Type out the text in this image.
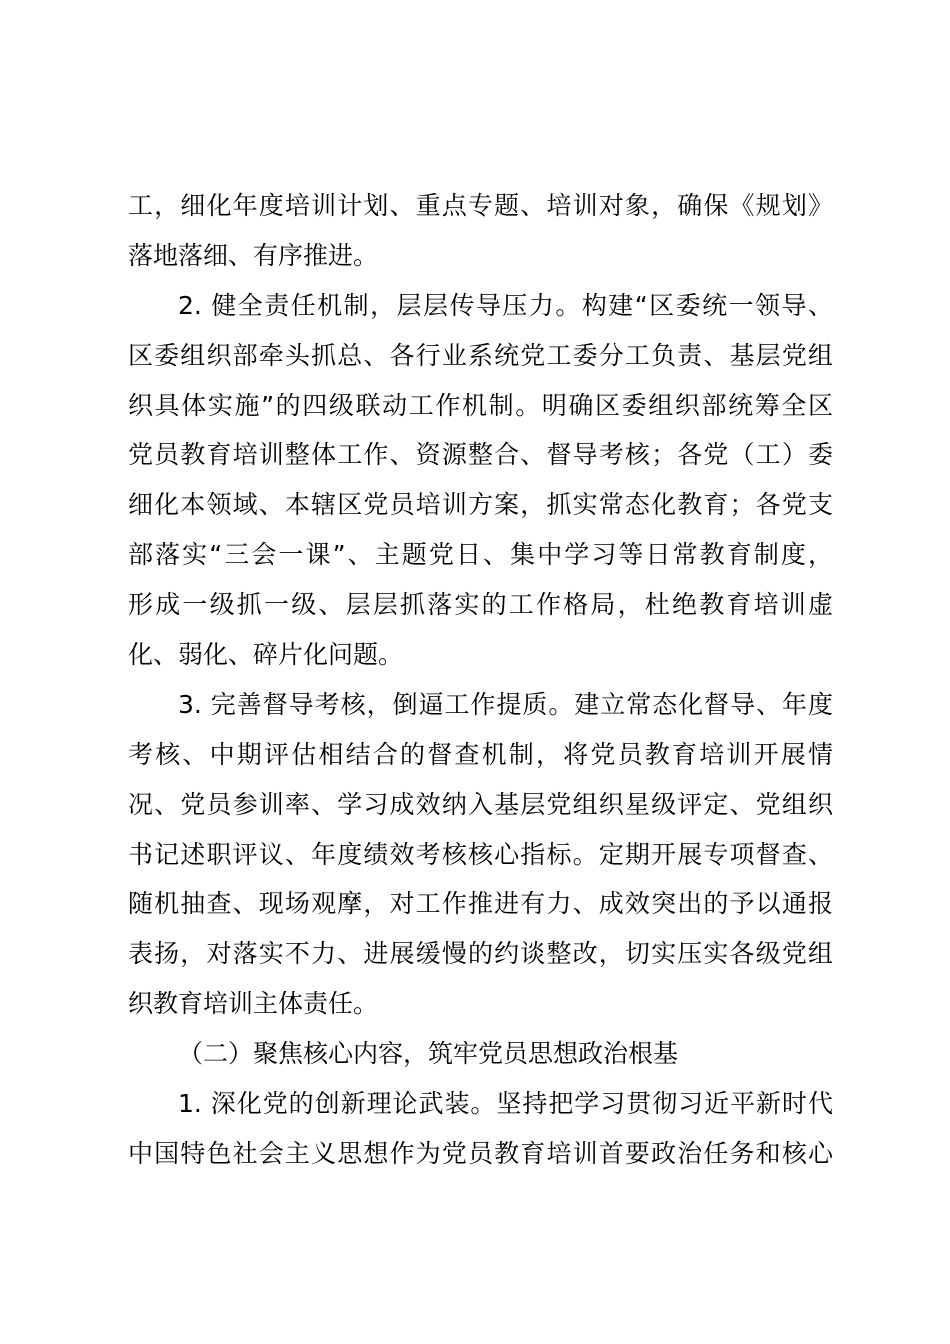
工，细化年度培训计划、重点专题、培训对象，确保《规划》
落地落细、有序推进。
2. 健全责任机制，层层传导压力。构建“区委统一领导、
区委组织部牵头抓总、各行业系统党工委分工负责、基层党组
织具体实施”的四级联动工作机制。明确区委组织部统筹全区
党员教育培训整体工作、资源整合、督导考核；各党（工）委
细化本领域、本辖区党员培训方案，抓实常态化教育；各党支
部落实“三会一课”、主题党日、集中学习等日常教育制度，
形成一级抓一级、层层抓落实的工作格局，杜绝教育培训虚
化、弱化、碎片化问题。
3. 完善督导考核，倒逼工作提质。建立常态化督导、年度
考核、中期评估相结合的督查机制，将党员教育培训开展情
况、党员参训率、学习成效纳入基层党组织星级评定、党组织
书记述职评议、年度绩效考核核心指标。定期开展专项督查、
随机抽查、现场观摩，对工作推进有力、成效突出的予以通报
表扬，对落实不力、进展缓慢的约谈整改，切实压实各级党组
织教育培训主体责任。
（二）聚焦核心内容，筑牢党员思想政治根基
1. 深化党的创新理论武装。坚持把学习贯彻习近平新时代
中国特色社会主义思想作为党员教育培训首要政治任务和核心
